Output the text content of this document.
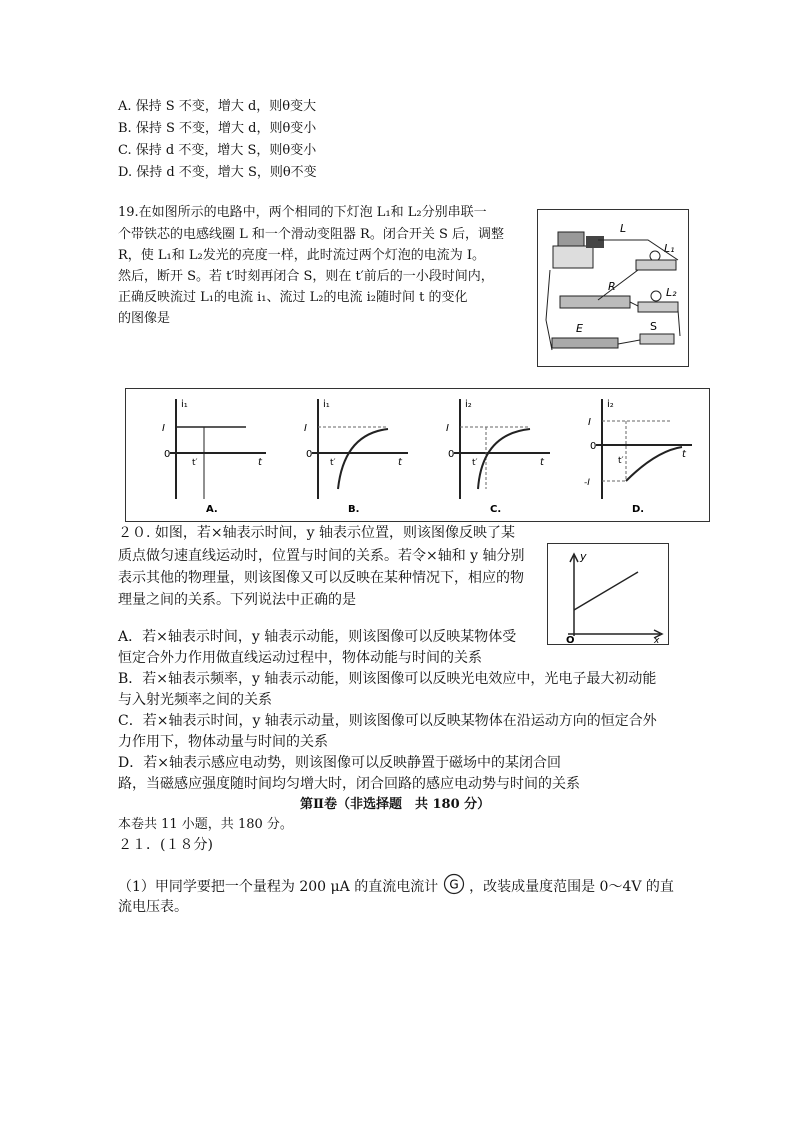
A. 保持 S 不变，增大 d，则θ变大
B. 保持 S 不变，增大 d，则θ变小
C. 保持 d 不变，增大 S，则θ变小
D. 保持 d 不变，增大 S，则θ不变
19.在如图所示的电路中，两个相同的下灯泡 L₁和 L₂分别串联一
个带铁芯的电感线圈 L 和一个滑动变阻器 R。闭合开关 S 后，调整
R，使 L₁和 L₂发光的亮度一样，此时流过两个灯泡的电流为 I。
然后，断开 S。若 t′时刻再闭合 S，则在 t′前后的一小段时间内，
正确反映流过 L₁的电流 i₁、流过 L₂的电流 i₂随时间 t 的变化
的图像是
L
L₁
R	L₂
E	S
i₁
I
0
t′	t
A.
i₁
I
0
t′	t
B.
i₂
I
0
t′	t
C.
i₂
I
0
-I
t′
t
D.
２０. 如图，若×轴表示时间，y 轴表示位置，则该图像反映了某
质点做匀速直线运动时，位置与时间的关系。若令×轴和 y 轴分别
表示其他的物理量，则该图像又可以反映在某种情况下，相应的物
理量之间的关系。下列说法中正确的是
y
x
O
A．若×轴表示时间，y 轴表示动能，则该图像可以反映某物体受
恒定合外力作用做直线运动过程中，物体动能与时间的关系
B．若×轴表示频率，y 轴表示动能，则该图像可以反映光电效应中，光电子最大初动能
与入射光频率之间的关系
C．若×轴表示时间，y 轴表示动量，则该图像可以反映某物体在沿运动方向的恒定合外
力作用下，物体动量与时间的关系
D．若×轴表示感应电动势，则该图像可以反映静置于磁场中的某闭合回
路，当磁感应强度随时间均匀增大时，闭合回路的感应电动势与时间的关系
第Ⅱ卷（非选择题　共 180 分）
本卷共 11 小题，共 180 分。
２１．(１８分)
（1）甲同学要把一个量程为 200 μA 的直流电流计 G ，改装成量度范围是 0～4V 的直
流电压表。
